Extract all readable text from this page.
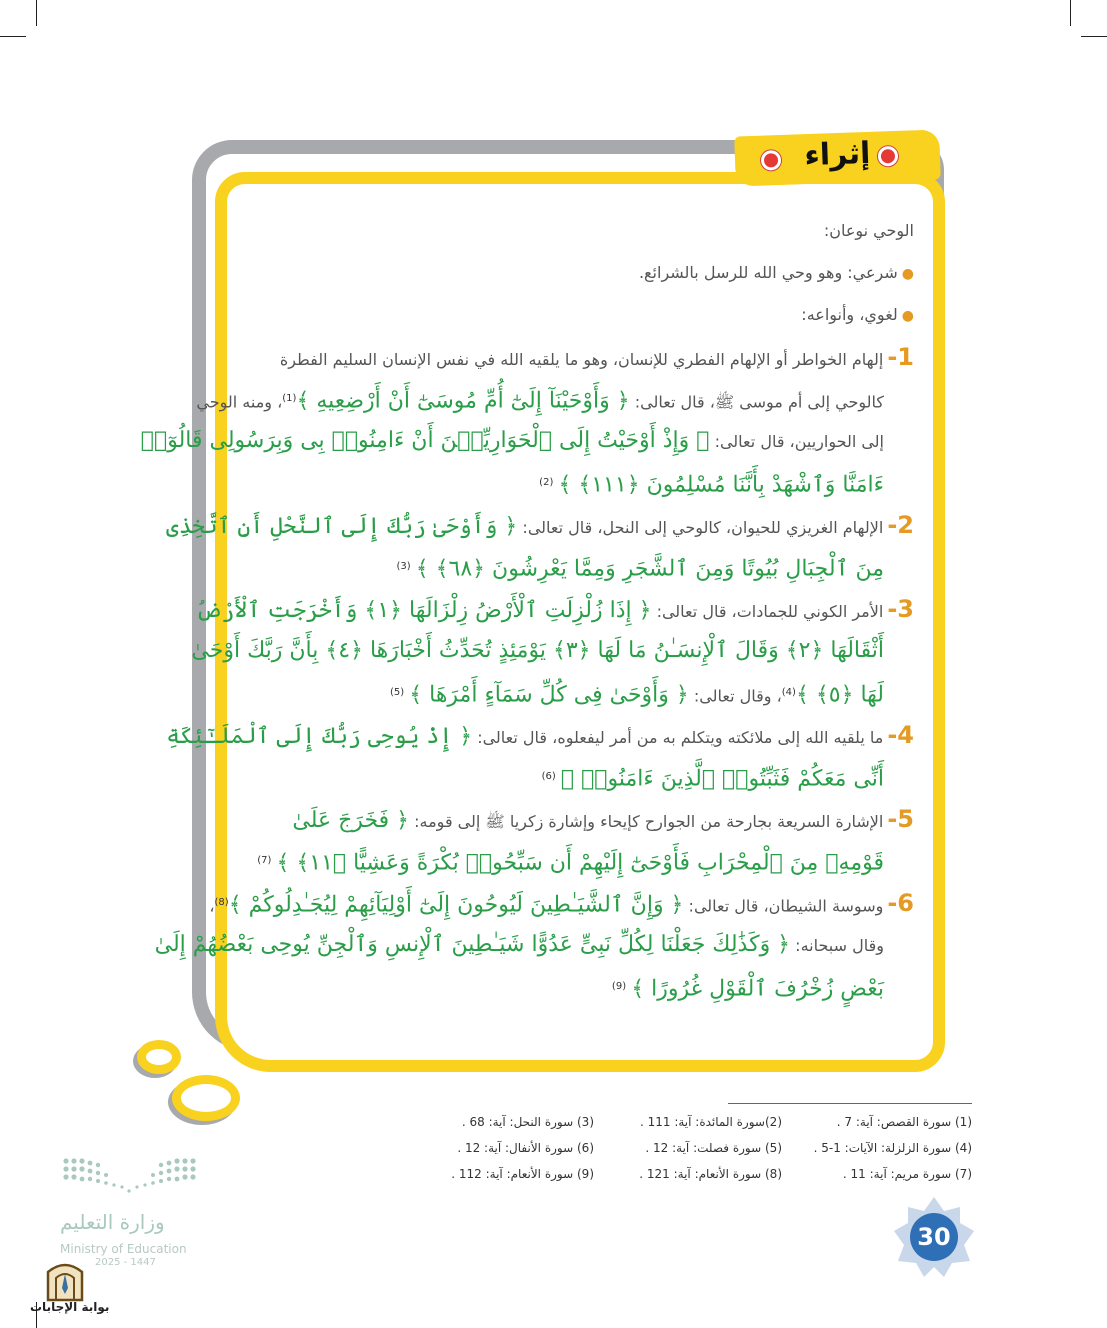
إثراء
الوحي نوعان:
●شرعي: وهو وحي الله للرسل بالشرائع.
●لغوي، وأنواعه:
1-إلهام الخواطر أو الإلهام الفطري للإنسان، وهو ما يلقيه الله في نفس الإنسان السليم الفطرة
كالوحي إلى أم موسى ﷺ، قال تعالى: ﴿ وَأَوْحَيْنَآ إِلَىٰٓ أُمِّ مُوسَىٰٓ أَنْ أَرْضِعِيهِ ﴾$^{(1)}$، ومنه الوحي
إلى الحواريين، قال تعالى: ﴿ وَإِذْ أَوْحَيْتُ إِلَى ٱلْحَوَارِيِّـۧنَ أَنْ ءَامِنُوا۟ بِى وَبِرَسُولِى قَالُوٓا۟
ءَامَنَّا وَٱشْهَدْ بِأَنَّنَا مُسْلِمُونَ ﴿١١١﴾ ﴾ $^{(2)}$
2-الإلهام الغريزي للحيوان، كالوحي إلى النحل، قال تعالى: ﴿ وَأَوْحَىٰ رَبُّكَ إِلَى ٱلنَّحْلِ أَنِ ٱتَّخِذِى
مِنَ ٱلْجِبَالِ بُيُوتًا وَمِنَ ٱلشَّجَرِ وَمِمَّا يَعْرِشُونَ ﴿٦٨﴾ ﴾ $^{(3)}$
3-الأمر الكوني للجمادات، قال تعالى: ﴿ إِذَا زُلْزِلَتِ ٱلْأَرْضُ زِلْزَالَهَا ﴿١﴾ وَأَخْرَجَتِ ٱلْأَرْضُ
أَثْقَالَهَا ﴿٢﴾ وَقَالَ ٱلْإِنسَـٰنُ مَا لَهَا ﴿٣﴾ يَوْمَئِذٍ تُحَدِّثُ أَخْبَارَهَا ﴿٤﴾ بِأَنَّ رَبَّكَ أَوْحَىٰ
لَهَا ﴿٥﴾ ﴾$^{(4)}$، وقال تعالى: ﴿ وَأَوْحَىٰ فِى كُلِّ سَمَآءٍ أَمْرَهَا ﴾ $^{(5)}$
4-ما يلقيه الله إلى ملائكته ويتكلم به من أمر ليفعلوه، قال تعالى: ﴿ إِذْ يُوحِى رَبُّكَ إِلَى ٱلْمَلَـٰٓئِكَةِ
أَنِّى مَعَكُمْ فَثَبِّتُوا۟ ٱلَّذِينَ ءَامَنُوا۟ ﴾ $^{(6)}$
5-الإشارة السريعة بجارحة من الجوارح كإيحاء وإشارة زكريا ﷺ إلى قومه: ﴿ فَخَرَجَ عَلَىٰ
قَوْمِهِۦ مِنَ ٱلْمِحْرَابِ فَأَوْحَىٰٓ إِلَيْهِمْ أَن سَبِّحُوا۟ بُكْرَةً وَعَشِيًّا ﴿١١﴾ ﴾ $^{(7)}$
6-وسوسة الشيطان، قال تعالى: ﴿ وَإِنَّ ٱلشَّيَـٰطِينَ لَيُوحُونَ إِلَىٰٓ أَوْلِيَآئِهِمْ لِيُجَـٰدِلُوكُمْ ﴾$^{(8)}$،
وقال سبحانه: ﴿ وَكَذَٰلِكَ جَعَلْنَا لِكُلِّ نَبِىٍّ عَدُوًّا شَيَـٰطِينَ ٱلْإِنسِ وَٱلْجِنِّ يُوحِى بَعْضُهُمْ إِلَىٰ
بَعْضٍ زُخْرُفَ ٱلْقَوْلِ غُرُورًا ﴾ $^{(9)}$
(1) سورة القصص: آية: 7 .
(2)سورة المائدة: آية: 111 .
(3) سورة النحل: آية: 68 .
(4) سورة الزلزلة: الآيات: 1-5 .
(5) سورة فصلت: آية: 12 .
(6) سورة الأنفال: آية: 12 .
(7) سورة مريم: آية: 11 .
(8) سورة الأنعام: آية: 121 .
(9) سورة الأنعام: آية: 112 .
وزارة التعليم
Ministry of Education
2025 - 1447
30
بوابة الإجابات
